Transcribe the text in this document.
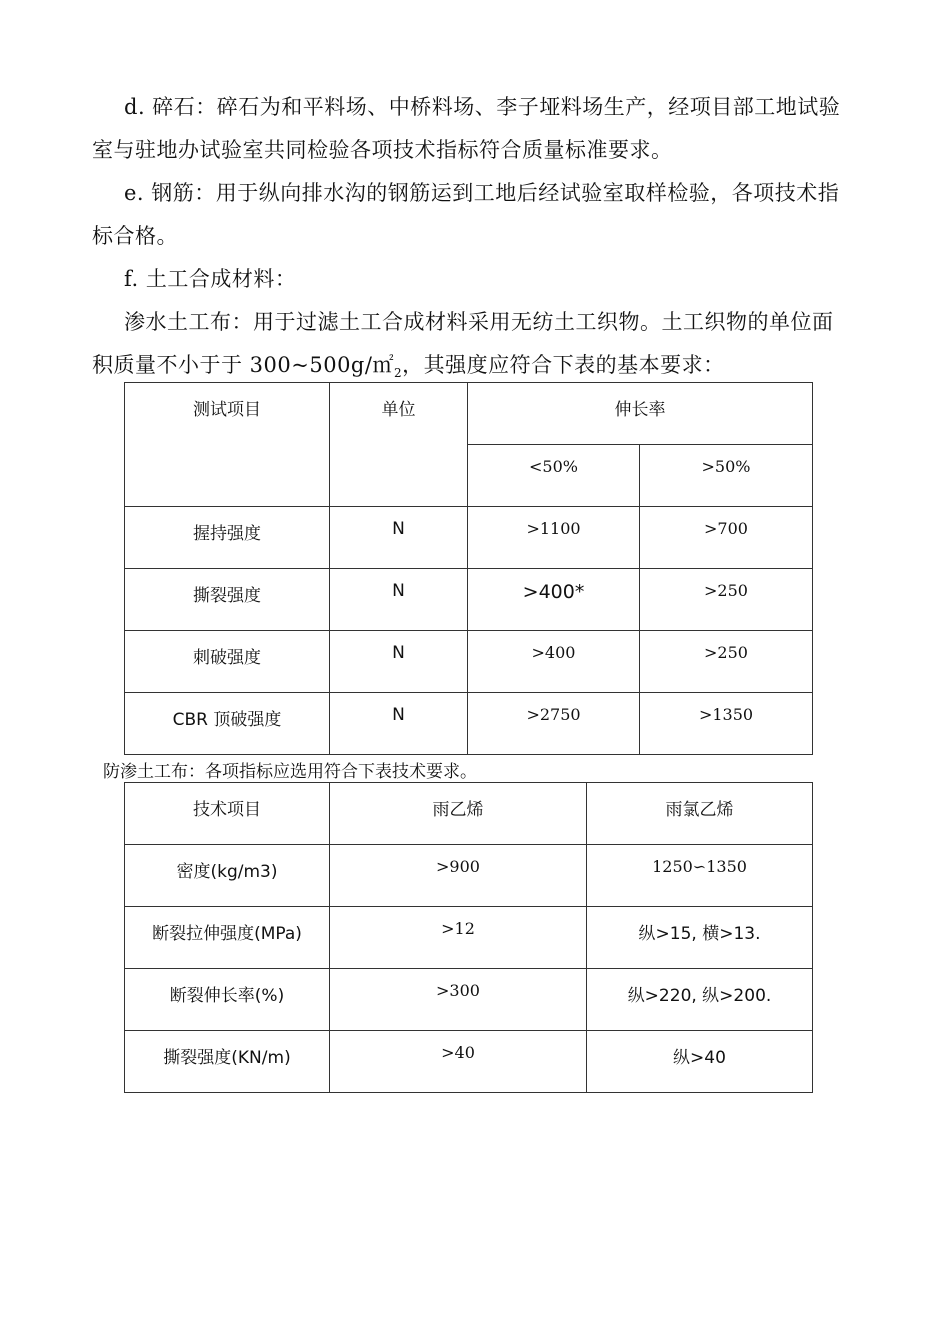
d. 碎石：碎石为和平料场、中桥料场、李子垭料场生产，经项目部工地试验室与驻地办试验室共同检验各项技术指标符合质量标准要求。

e. 钢筋：用于纵向排水沟的钢筋运到工地后经试验室取样检验，各项技术指标合格。

f. 土工合成材料：

渗水土工布：用于过滤土工合成材料采用无纺土工织物。土工织物的单位面积质量不小于于 $300\sim 500g/㎡_2$，其强度应符合下表的基本要求：

测试项目	单位	伸长率	
		<50%	>50%
握持强度	N	>1100	>700
撕裂强度	N	>400*	>250
刺破强度	N	>400	>250
CBR 顶破强度	N	>2750	>1350

防渗土工布：各项指标应选用符合下表技术要求。

技术项目	雨乙烯	雨氯乙烯
密度(kg/m3)	>900	1250∽1350
断裂拉伸强度(MPa)	>12	纵>15, 横>13.
断裂伸长率(%)	>300	纵>220, 纵>200.
撕裂强度(KN/m)	>40	纵>40
